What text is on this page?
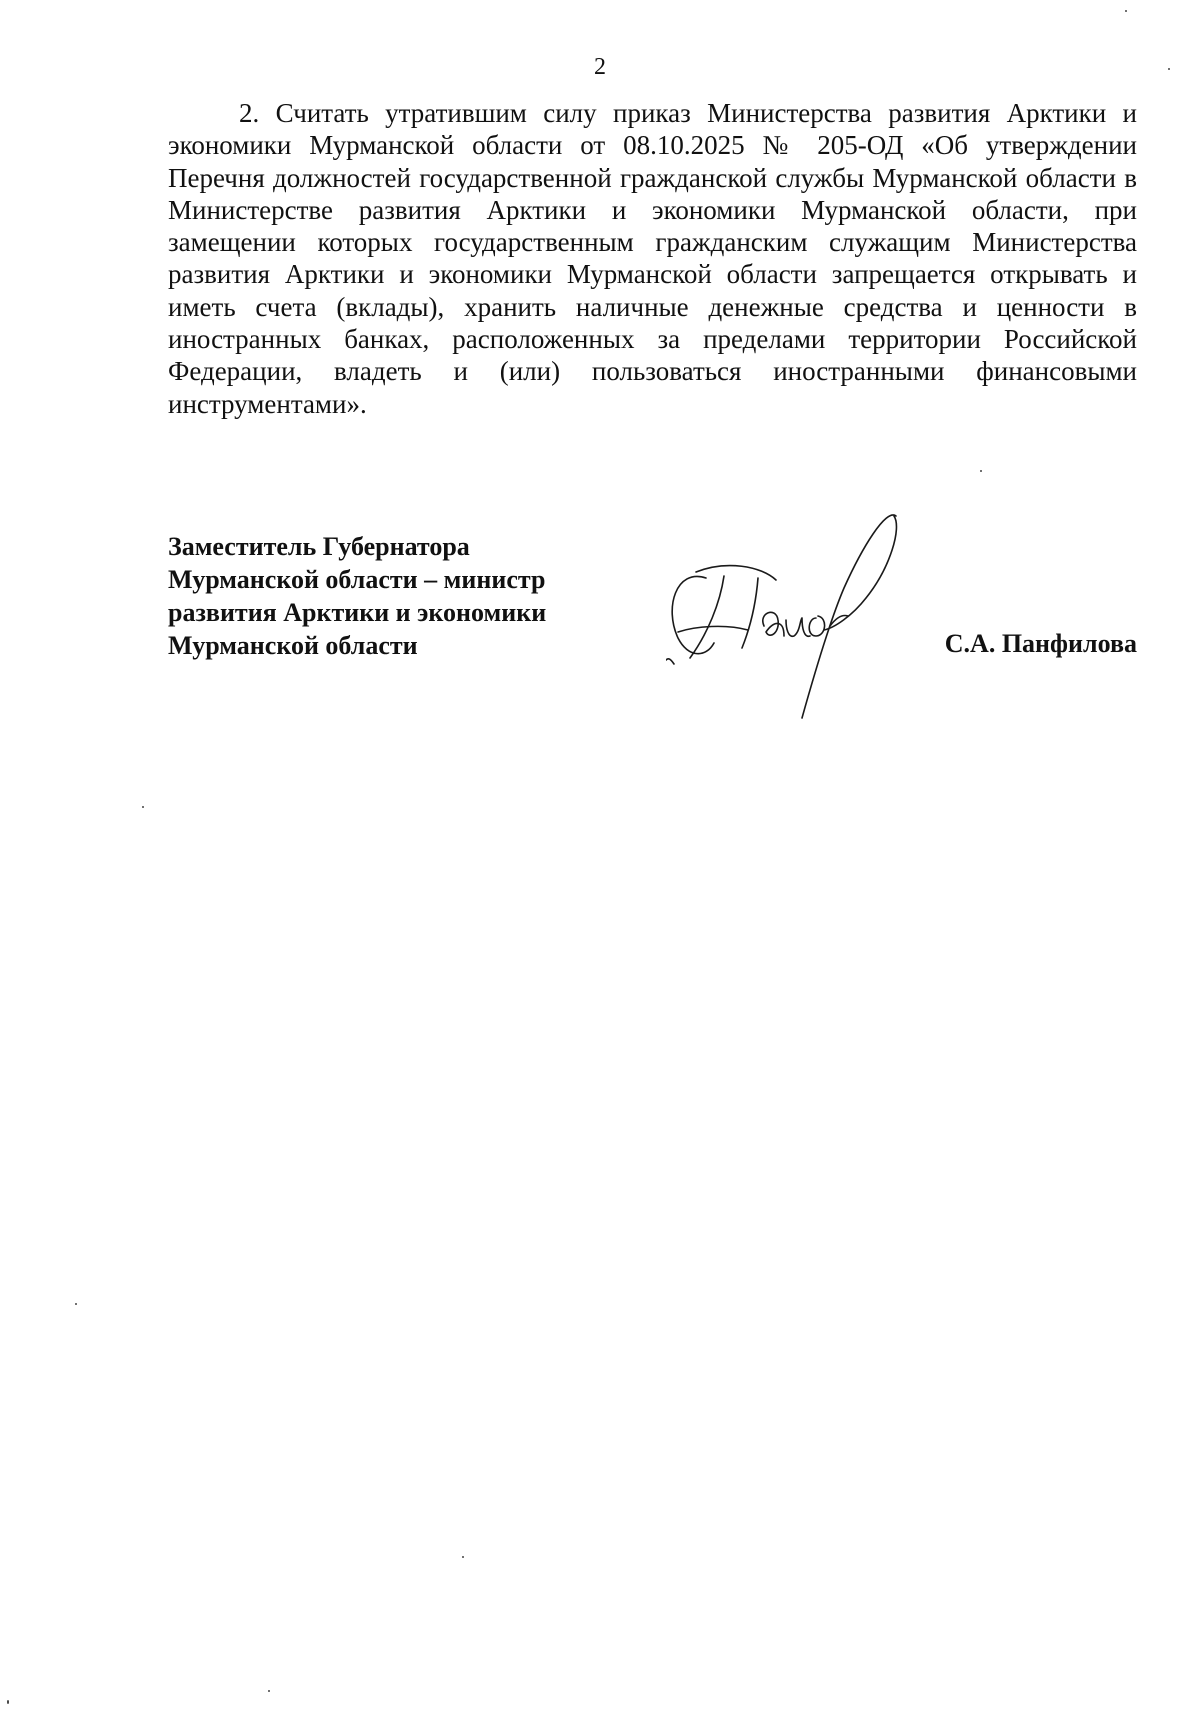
2

2. Считать утратившим силу приказ Министерства развития Арктики и экономики Мурманской области от 08.10.2025 № 205-ОД «Об утверждении Перечня должностей государственной гражданской службы Мурманской области в Министерстве развития Арктики и экономики Мурманской области, при замещении которых государственным гражданским служащим Министерства развития Арктики и экономики Мурманской области запрещается открывать и иметь счета (вклады), хранить наличные денежные средства и ценности в иностранных банках, расположенных за пределами территории Российской Федерации, владеть и (или) пользоваться иностранными финансовыми инструментами».

Заместитель Губернатора
Мурманской области – министр
развития Арктики и экономики
Мурманской области	С.А. Панфилова
